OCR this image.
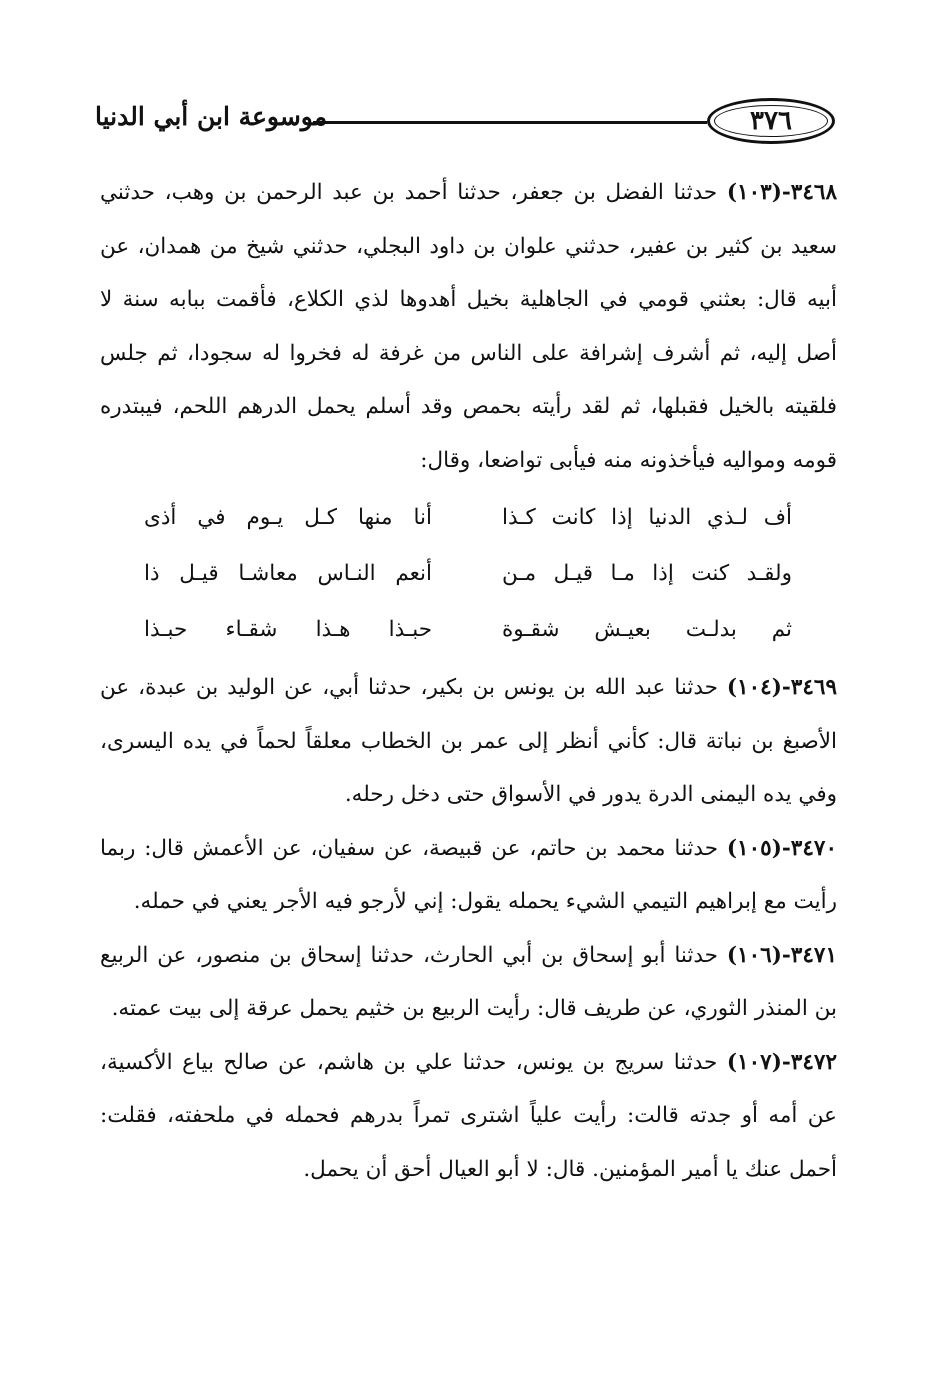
٣٧٦
موسوعة ابن أبي الدنيا

٣٤٦٨-(١٠٣) حدثنا الفضل بن جعفر، حدثنا أحمد بن عبد الرحمن بن وهب، حدثني سعيد بن كثير بن عفير، حدثني علوان بن داود البجلي، حدثني شيخ من همدان، عن أبيه قال: بعثني قومي في الجاهلية بخيل أهدوها لذي الكلاع، فأقمت ببابه سنة لا أصل إليه، ثم أشرف إشرافة على الناس من غرفة له فخروا له سجودا، ثم جلس فلقيته بالخيل فقبلها، ثم لقد رأيته بحمص وقد أسلم يحمل الدرهم اللحم، فيبتدره قومه ومواليه فيأخذونه منه فيأبى تواضعا، وقال:

أف لـذي الدنيا إذا كانت كـذا
أنا منها كـل يـوم في أذى
ولقـد كنت إذا مـا قيـل مـن
أنعم النـاس معاشـا قيـل ذا
ثم بدلـت بعيـش شقـوة
حبـذا هـذا شقـاء حبـذا

٣٤٦٩-(١٠٤) حدثنا عبد الله بن يونس بن بكير، حدثنا أبي، عن الوليد بن عبدة، عن الأصبغ بن نباتة قال: كأني أنظر إلى عمر بن الخطاب معلقاً لحماً في يده اليسرى، وفي يده اليمنى الدرة يدور في الأسواق حتى دخل رحله.

٣٤٧٠-(١٠٥) حدثنا محمد بن حاتم، عن قبيصة، عن سفيان، عن الأعمش قال: ربما رأيت مع إبراهيم التيمي الشيء يحمله يقول: إني لأرجو فيه الأجر يعني في حمله.

٣٤٧١-(١٠٦) حدثنا أبو إسحاق بن أبي الحارث، حدثنا إسحاق بن منصور، عن الربيع بن المنذر الثوري، عن طريف قال: رأيت الربيع بن خثيم يحمل عرقة إلى بيت عمته.

٣٤٧٢-(١٠٧) حدثنا سريج بن يونس، حدثنا علي بن هاشم، عن صالح بياع الأكسية، عن أمه أو جدته قالت: رأيت علياً اشترى تمراً بدرهم فحمله في ملحفته، فقلت: أحمل عنك يا أمير المؤمنين. قال: لا أبو العيال أحق أن يحمل.
